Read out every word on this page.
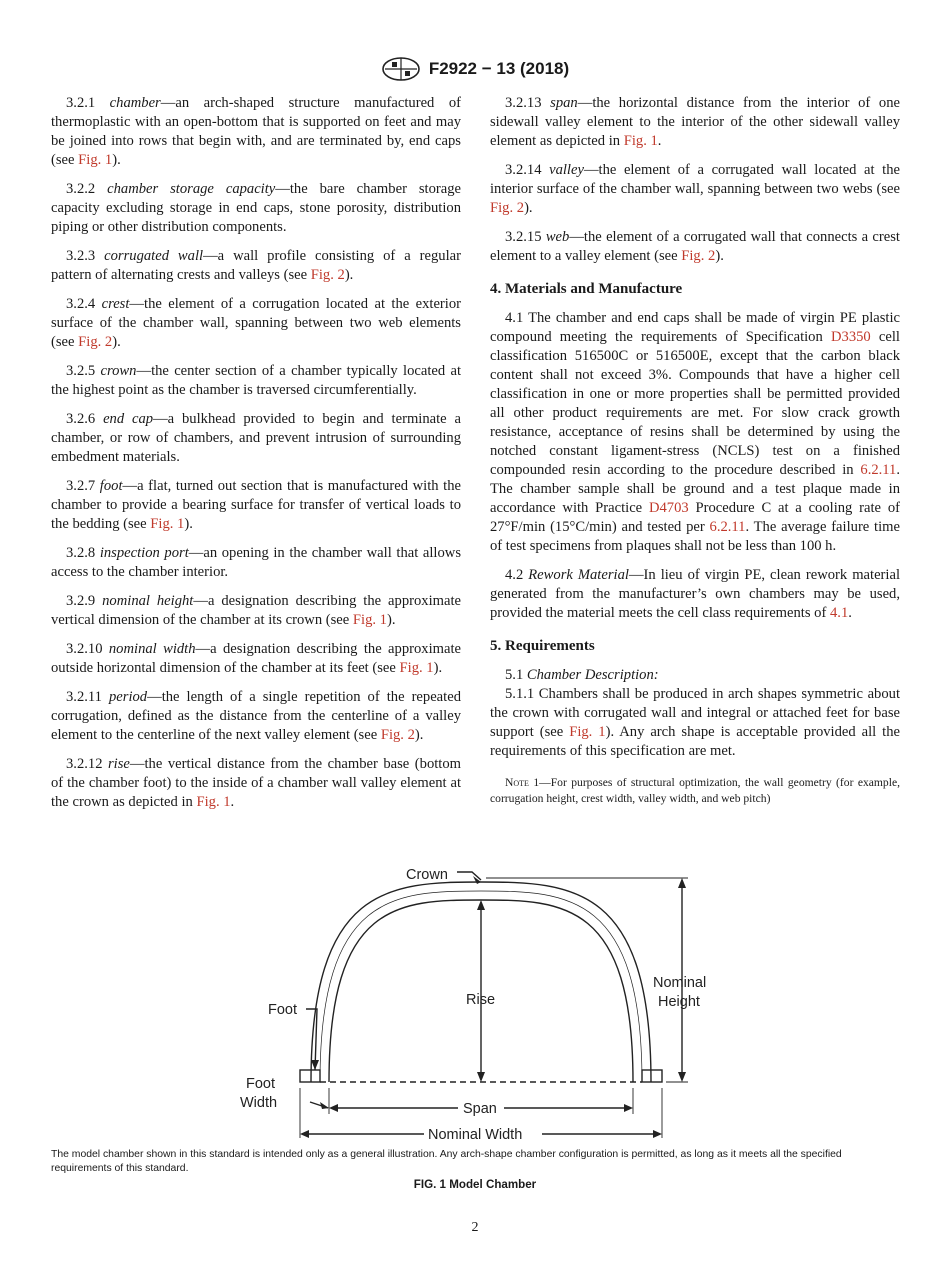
F2922 − 13 (2018)

3.2.1 chamber—an arch-shaped structure manufactured of thermoplastic with an open-bottom that is supported on feet and may be joined into rows that begin with, and are terminated by, end caps (see Fig. 1).

3.2.2 chamber storage capacity—the bare chamber storage capacity excluding storage in end caps, stone porosity, distribution piping or other distribution components.

3.2.3 corrugated wall—a wall profile consisting of a regular pattern of alternating crests and valleys (see Fig. 2).

3.2.4 crest—the element of a corrugation located at the exterior surface of the chamber wall, spanning between two web elements (see Fig. 2).

3.2.5 crown—the center section of a chamber typically located at the highest point as the chamber is traversed circumferentially.

3.2.6 end cap—a bulkhead provided to begin and terminate a chamber, or row of chambers, and prevent intrusion of surrounding embedment materials.

3.2.7 foot—a flat, turned out section that is manufactured with the chamber to provide a bearing surface for transfer of vertical loads to the bedding (see Fig. 1).

3.2.8 inspection port—an opening in the chamber wall that allows access to the chamber interior.

3.2.9 nominal height—a designation describing the approximate vertical dimension of the chamber at its crown (see Fig. 1).

3.2.10 nominal width—a designation describing the approximate outside horizontal dimension of the chamber at its feet (see Fig. 1).

3.2.11 period—the length of a single repetition of the repeated corrugation, defined as the distance from the centerline of a valley element to the centerline of the next valley element (see Fig. 2).

3.2.12 rise—the vertical distance from the chamber base (bottom of the chamber foot) to the inside of a chamber wall valley element at the crown as depicted in Fig. 1.

3.2.13 span—the horizontal distance from the interior of one sidewall valley element to the interior of the other sidewall valley element as depicted in Fig. 1.

3.2.14 valley—the element of a corrugated wall located at the interior surface of the chamber wall, spanning between two webs (see Fig. 2).

3.2.15 web—the element of a corrugated wall that connects a crest element to a valley element (see Fig. 2).

4. Materials and Manufacture

4.1 The chamber and end caps shall be made of virgin PE plastic compound meeting the requirements of Specification D3350 cell classification 516500C or 516500E, except that the carbon black content shall not exceed 3%. Compounds that have a higher cell classification in one or more properties shall be permitted provided all other product requirements are met. For slow crack growth resistance, acceptance of resins shall be determined by using the notched constant ligament-stress (NCLS) test on a finished compounded resin according to the procedure described in 6.2.11. The chamber sample shall be ground and a test plaque made in accordance with Practice D4703 Procedure C at a cooling rate of 27°F/min (15°C/min) and tested per 6.2.11. The average failure time of test specimens from plaques shall not be less than 100 h.

4.2 Rework Material—In lieu of virgin PE, clean rework material generated from the manufacturer’s own chambers may be used, provided the material meets the cell class requirements of 4.1.

5. Requirements

5.1 Chamber Description:

5.1.1 Chambers shall be produced in arch shapes symmetric about the crown with corrugated wall and integral or attached feet for base support (see Fig. 1). Any arch shape is acceptable provided all the requirements of this specification are met.

Note 1—For purposes of structural optimization, the wall geometry (for example, corrugation height, crest width, valley width, and web pitch)
Crown
Foot
Rise
Nominal
Height
Foot
Width	Span
Nominal Width
The model chamber shown in this standard is intended only as a general illustration. Any arch-shape chamber configuration is permitted, as long as it meets all the specified requirements of this standard.
FIG. 1 Model Chamber
2
